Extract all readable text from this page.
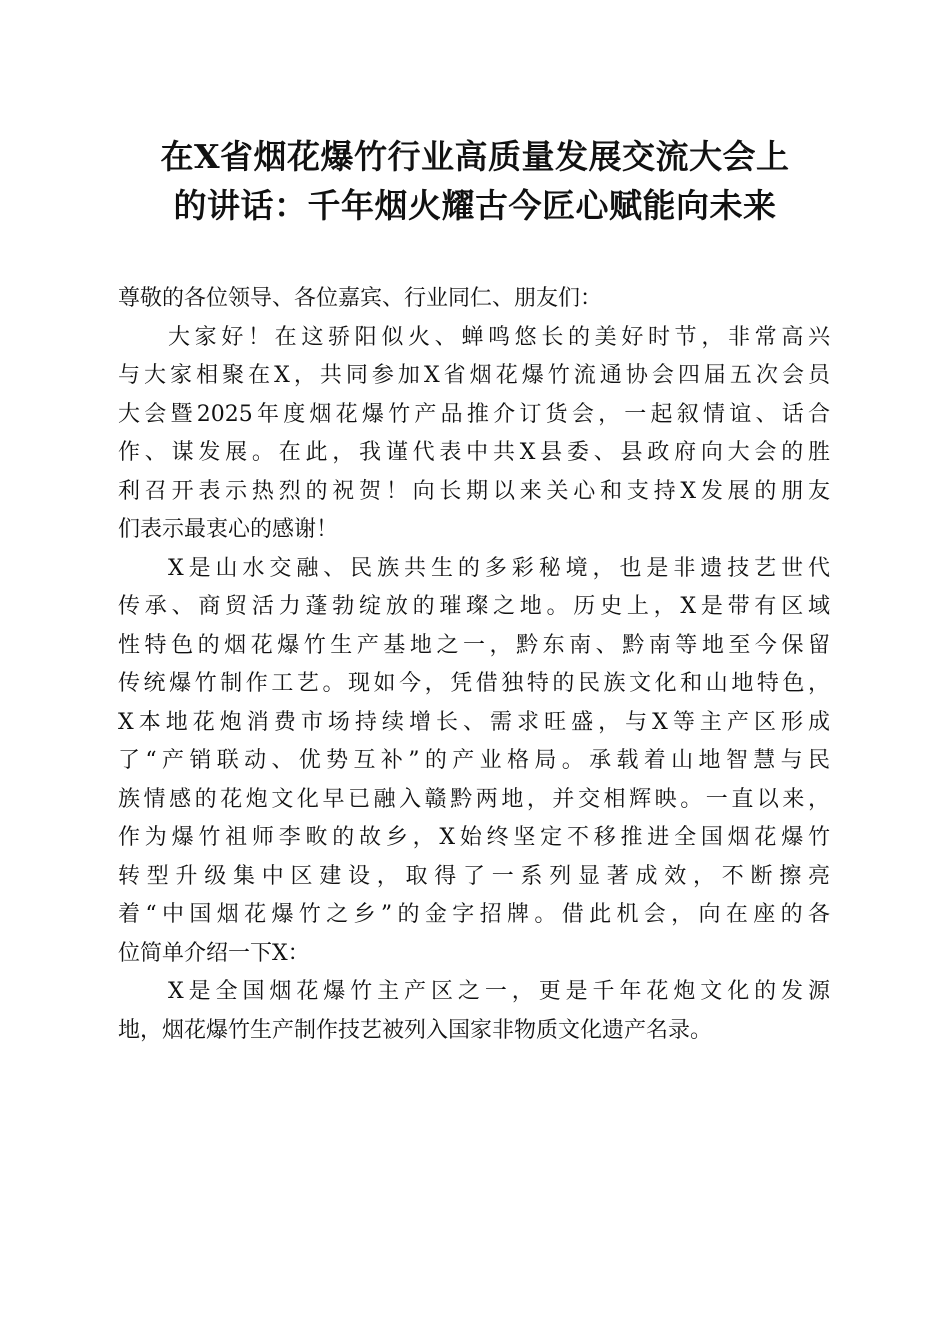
在X省烟花爆竹行业高质量发展交流大会上
的讲话：千年烟火耀古今匠心赋能向未来

尊敬的各位领导、各位嘉宾、行业同仁、朋友们：

大家好！在这骄阳似火、蝉鸣悠长的美好时节，非常高兴
与大家相聚在X，共同参加X省烟花爆竹流通协会四届五次会员
大会暨2025年度烟花爆竹产品推介订货会，一起叙情谊、话合
作、谋发展。在此，我谨代表中共X县委、县政府向大会的胜
利召开表示热烈的祝贺！向长期以来关心和支持X发展的朋友
们表示最衷心的感谢！
X是山水交融、民族共生的多彩秘境，也是非遗技艺世代
传承、商贸活力蓬勃绽放的璀璨之地。历史上，X是带有区域
性特色的烟花爆竹生产基地之一，黔东南、黔南等地至今保留
传统爆竹制作工艺。现如今，凭借独特的民族文化和山地特色，
X本地花炮消费市场持续增长、需求旺盛，与X等主产区形成
了“产销联动、优势互补”的产业格局。承载着山地智慧与民
族情感的花炮文化早已融入赣黔两地，并交相辉映。一直以来，
作为爆竹祖师李畋的故乡，X始终坚定不移推进全国烟花爆竹
转型升级集中区建设，取得了一系列显著成效，不断擦亮
着“中国烟花爆竹之乡”的金字招牌。借此机会，向在座的各
位简单介绍一下X：
X是全国烟花爆竹主产区之一，更是千年花炮文化的发源
地，烟花爆竹生产制作技艺被列入国家非物质文化遗产名录。
